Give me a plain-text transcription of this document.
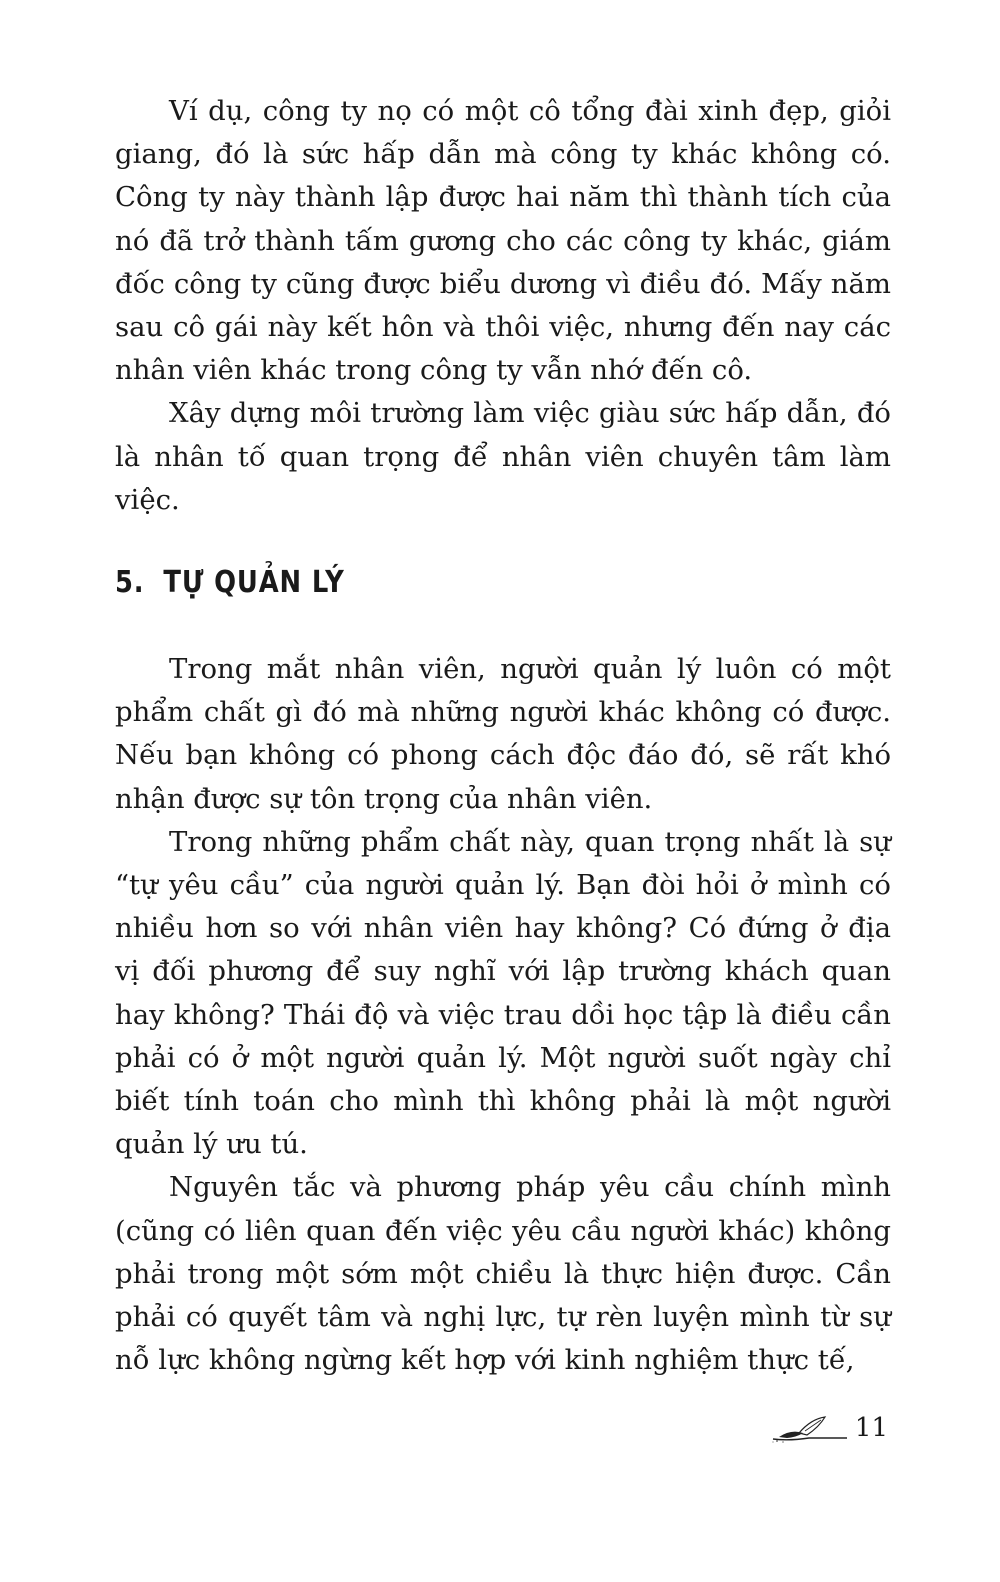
Ví dụ, công ty nọ có một cô tổng đài xinh đẹp, giỏi giang, đó là sức hấp dẫn mà công ty khác không có. Công ty này thành lập được hai năm thì thành tích của nó đã trở thành tấm gương cho các công ty khác, giám đốc công ty cũng được biểu dương vì điều đó. Mấy năm sau cô gái này kết hôn và thôi việc, nhưng đến nay các nhân viên khác trong công ty vẫn nhớ đến cô.

Xây dựng môi trường làm việc giàu sức hấp dẫn, đó là nhân tố quan trọng để nhân viên chuyên tâm làm việc.

5. TỰ QUẢN LÝ

Trong mắt nhân viên, người quản lý luôn có một phẩm chất gì đó mà những người khác không có được. Nếu bạn không có phong cách độc đáo đó, sẽ rất khó nhận được sự tôn trọng của nhân viên.

Trong những phẩm chất này, quan trọng nhất là sự “tự yêu cầu” của người quản lý. Bạn đòi hỏi ở mình có nhiều hơn so với nhân viên hay không? Có đứng ở địa vị đối phương để suy nghĩ với lập trường khách quan hay không? Thái độ và việc trau dồi học tập là điều cần phải có ở một người quản lý. Một người suốt ngày chỉ biết tính toán cho mình thì không phải là một người quản lý ưu tú.

Nguyên tắc và phương pháp yêu cầu chính mình (cũng có liên quan đến việc yêu cầu người khác) không phải trong một sớm một chiều là thực hiện được. Cần phải có quyết tâm và nghị lực, tự rèn luyện mình từ sự nỗ lực không ngừng kết hợp với kinh nghiệm thực tế,

11
